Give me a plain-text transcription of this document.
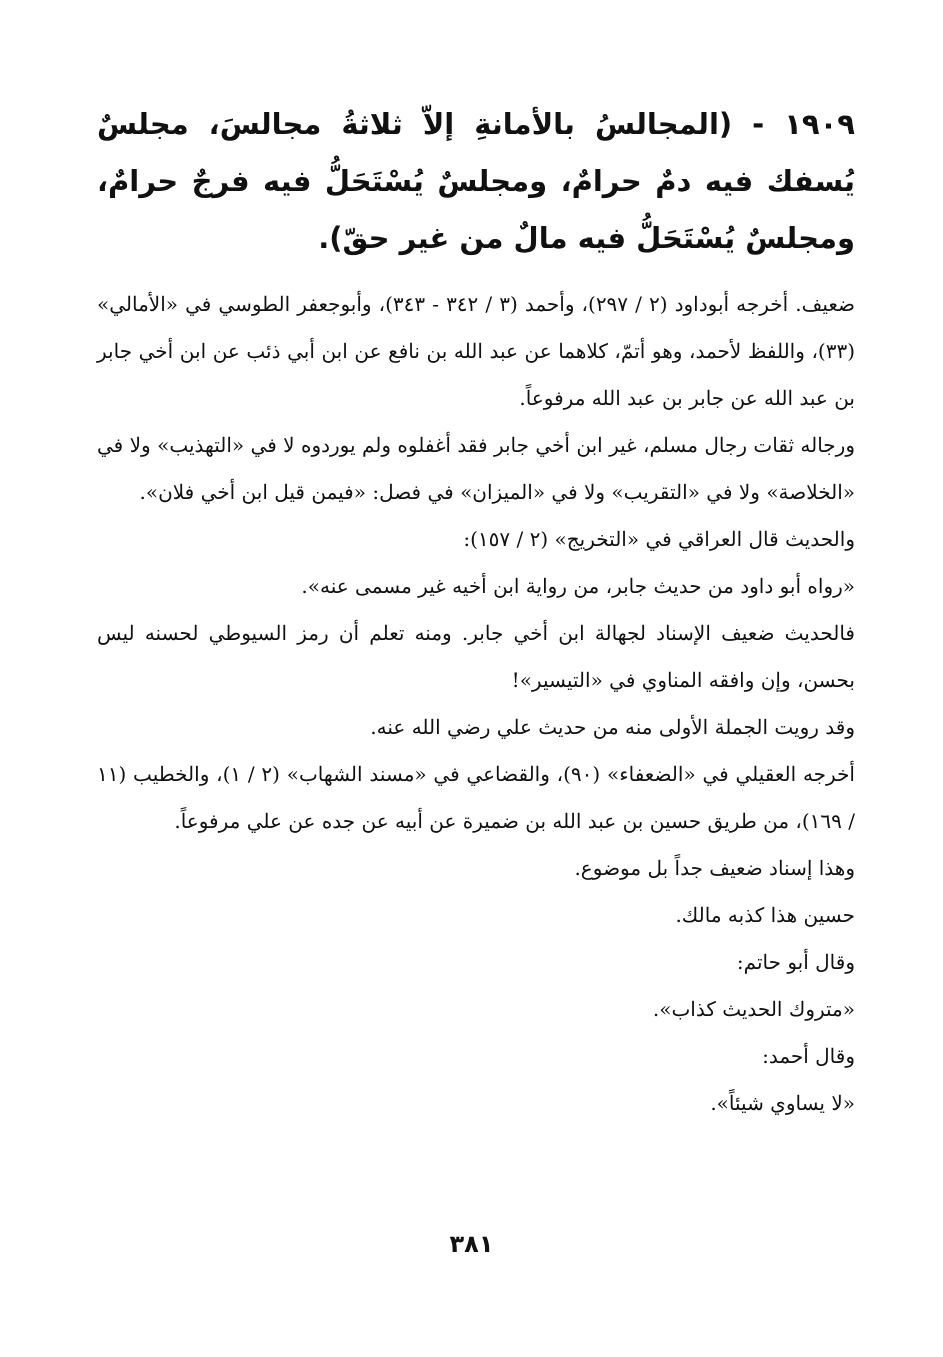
١٩٠٩ - (المجالسُ بالأمانةِ إلاّ ثلاثةُ مجالسَ، مجلسٌ يُسفك فيه دمٌ حرامٌ، ومجلسٌ يُسْتَحَلُّ فيه فرجٌ حرامٌ، ومجلسٌ يُسْتَحَلُّ فيه مالٌ من غير حقّ).

ضعيف. أخرجه أبوداود (٢ / ٢٩٧)، وأحمد (٣ / ٣٤٢ - ٣٤٣)، وأبوجعفر الطوسي في «الأمالي» (٣٣)، واللفظ لأحمد، وهو أتمّ، كلاهما عن عبد الله بن نافع عن ابن أبي ذئب عن ابن أخي جابر بن عبد الله عن جابر بن عبد الله مرفوعاً.

ورجاله ثقات رجال مسلم، غير ابن أخي جابر فقد أغفلوه ولم يوردوه لا في «التهذيب» ولا في «الخلاصة» ولا في «التقريب» ولا في «الميزان» في فصل: «فيمن قيل ابن أخي فلان».

والحديث قال العراقي في «التخريج» (٢ / ١٥٧):

«رواه أبو داود من حديث جابر، من رواية ابن أخيه غير مسمى عنه».

فالحديث ضعيف الإسناد لجهالة ابن أخي جابر. ومنه تعلم أن رمز السيوطي لحسنه ليس بحسن، وإن وافقه المناوي في «التيسير»!

وقد رويت الجملة الأولى منه من حديث علي رضي الله عنه.

أخرجه العقيلي في «الضعفاء» (٩٠)، والقضاعي في «مسند الشهاب» (٢ / ١)، والخطيب (١١ / ١٦٩)، من طريق حسين بن عبد الله بن ضميرة عن أبيه عن جده عن علي مرفوعاً.

وهذا إسناد ضعيف جداً بل موضوع.

حسين هذا كذبه مالك.

وقال أبو حاتم:

«متروك الحديث كذاب».

وقال أحمد:

«لا يساوي شيئاً».

٣٨١
